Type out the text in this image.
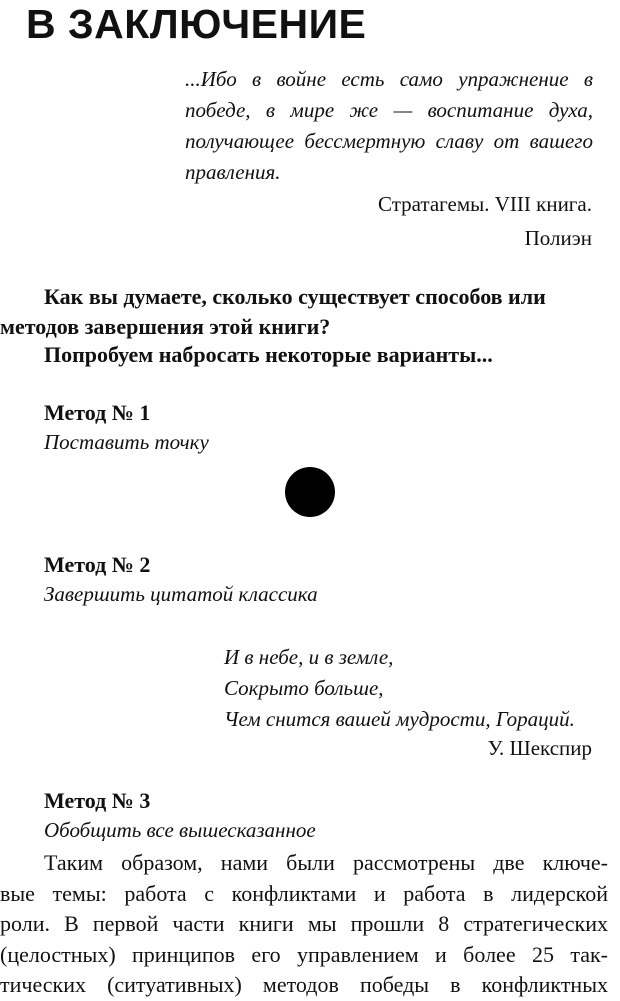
В ЗАКЛЮЧЕНИЕ
...Ибо в войне есть само упражнение в победе, в мире же — воспитание духа, получающее бессмертную славу от вашего правления.
Стратагемы. VIII книга.
Полиэн
Как вы думаете, сколько существует способов или методов завершения этой книги?
Попробуем набросать некоторые варианты...
Метод № 1
Поставить точку
Метод № 2
Завершить цитатой классика
И в небе, и в земле,
Сокрыто больше,
Чем снится вашей мудрости, Гораций.
У. Шекспир
Метод № 3
Обобщить все вышесказанное
Таким образом, нами были рассмотрены две ключе-
вые темы: работа с конфликтами и работа в лидерской
роли. В первой части книги мы прошли 8 стратегических
(целостных) принципов его управлением и более 25 так-
тических (ситуативных) методов победы в конфликтных
